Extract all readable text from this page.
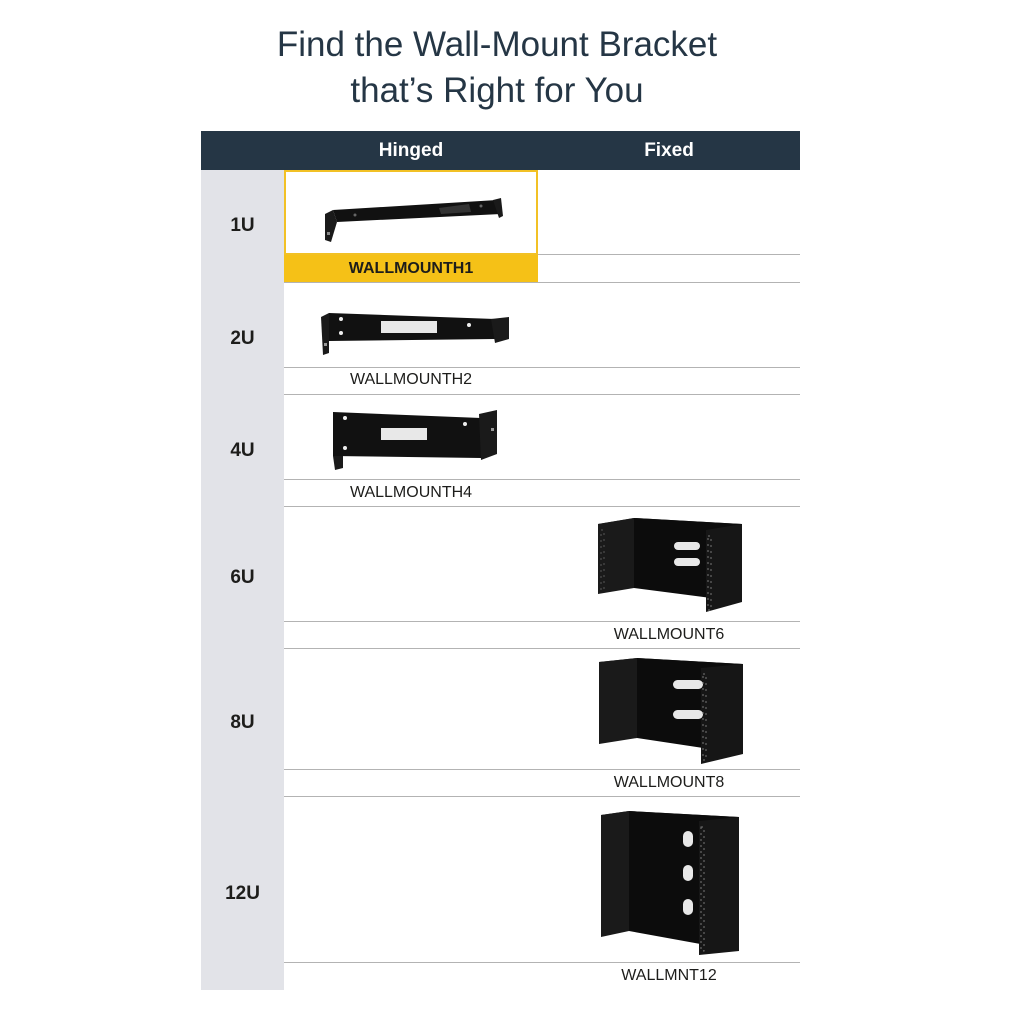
Find the Wall-Mount Bracket
that’s Right for You
Hinged	Fixed
1U
WALLMOUNTH1
2U
WALLMOUNTH2
4U
WALLMOUNTH4
6U
WALLMOUNT6
8U
WALLMOUNT8
12U
WALLMNT12
